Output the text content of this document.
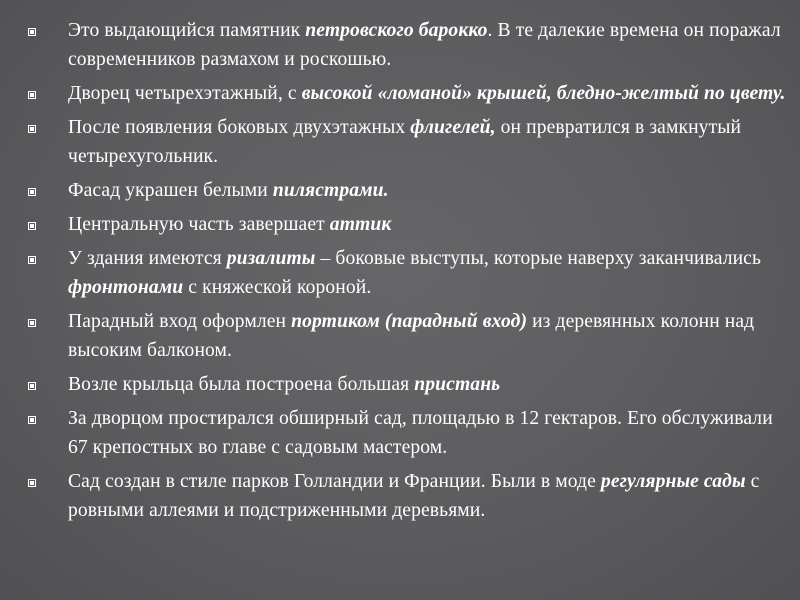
Это выдающийся памятник петровского барокко. В те далекие времена он поражал современников размахом и роскошью.
Дворец четырехэтажный, с высокой «ломаной» крышей, бледно-желтый по цвету.
После появления боковых двухэтажных флигелей, он превратился в замкнутый четырехугольник.
Фасад украшен белыми пилястрами.
Центральную часть завершает аттик
У здания имеются ризалиты – боковые выступы, которые наверху заканчивались фронтонами с княжеской короной.
Парадный вход оформлен портиком (парадный вход) из деревянных колонн над высоким балконом.
Возле крыльца была построена большая пристань
За дворцом простирался обширный сад, площадью в 12 гектаров. Его обслуживали 67 крепостных во главе с садовым мастером.
Сад создан в стиле парков Голландии и Франции. Были в моде регулярные сады с ровными аллеями и подстриженными деревьями.
